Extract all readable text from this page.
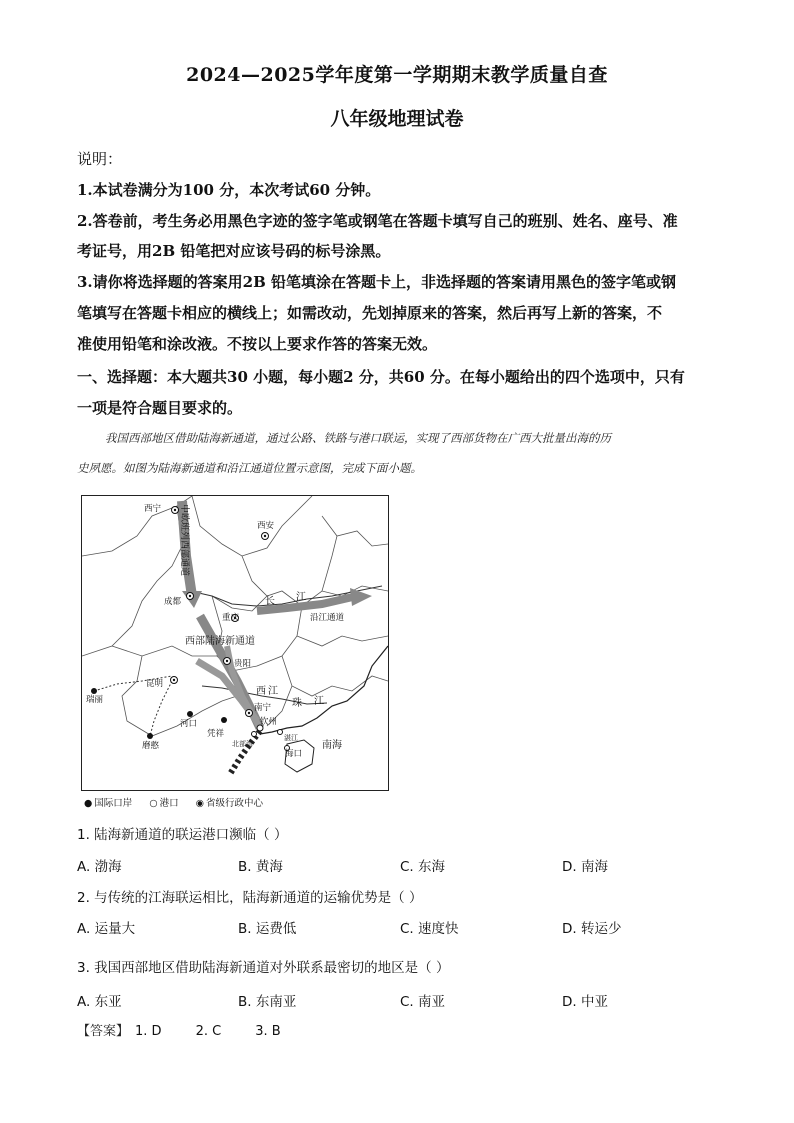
2024—2025学年度第一学期期末教学质量自查
八年级地理试卷
说明：
1.本试卷满分为100 分，本次考试60 分钟。
2.答卷前，考生务必用黑色字迹的签字笔或钢笔在答题卡填写自己的班别、姓名、座号、准
考证号，用2B 铅笔把对应该号码的标号涂黑。
3.请你将选择题的答案用2B 铅笔填涂在答题卡上，非选择题的答案请用黑色的签字笔或钢
笔填写在答题卡相应的横线上；如需改动，先划掉原来的答案，然后再写上新的答案，不
准使用铅笔和涂改液。不按以上要求作答的答案无效。
一、选择题：本大题共30 小题，每小题2 分，共60 分。在每小题给出的四个选项中，只有
一项是符合题目要求的。
我国西部地区借助陆海新通道，通过公路、铁路与港口联运，实现了西部货物在广西大批量出海的历
史夙愿。如图为陆海新通道和沿江通道位置示意图，完成下面小题。
西宁
西安
成都
重庆
贵阳
昆明
南宁
瑞丽
磨憨
河口
凭祥
钦州
北部湾
湛江
海口
南海
长 江
沿江通道
西 江
珠 江
西部陆海新通道
中欧班列西部通道
● 国际口岸 ○ 港口 ◉ 省级行政中心
1. 陆海新通道的联运港口濒临（ ）
A. 渤海	B. 黄海	C. 东海	D. 南海
2. 与传统的江海联运相比，陆海新通道的运输优势是（ ）
A. 运量大	B. 运费低	C. 速度快	D. 转运少
3. 我国西部地区借助陆海新通道对外联系最密切的地区是（ ）
A. 东亚	B. 东南亚	C. 南亚	D. 中亚
【答案】 1. D	2. C	3. B
